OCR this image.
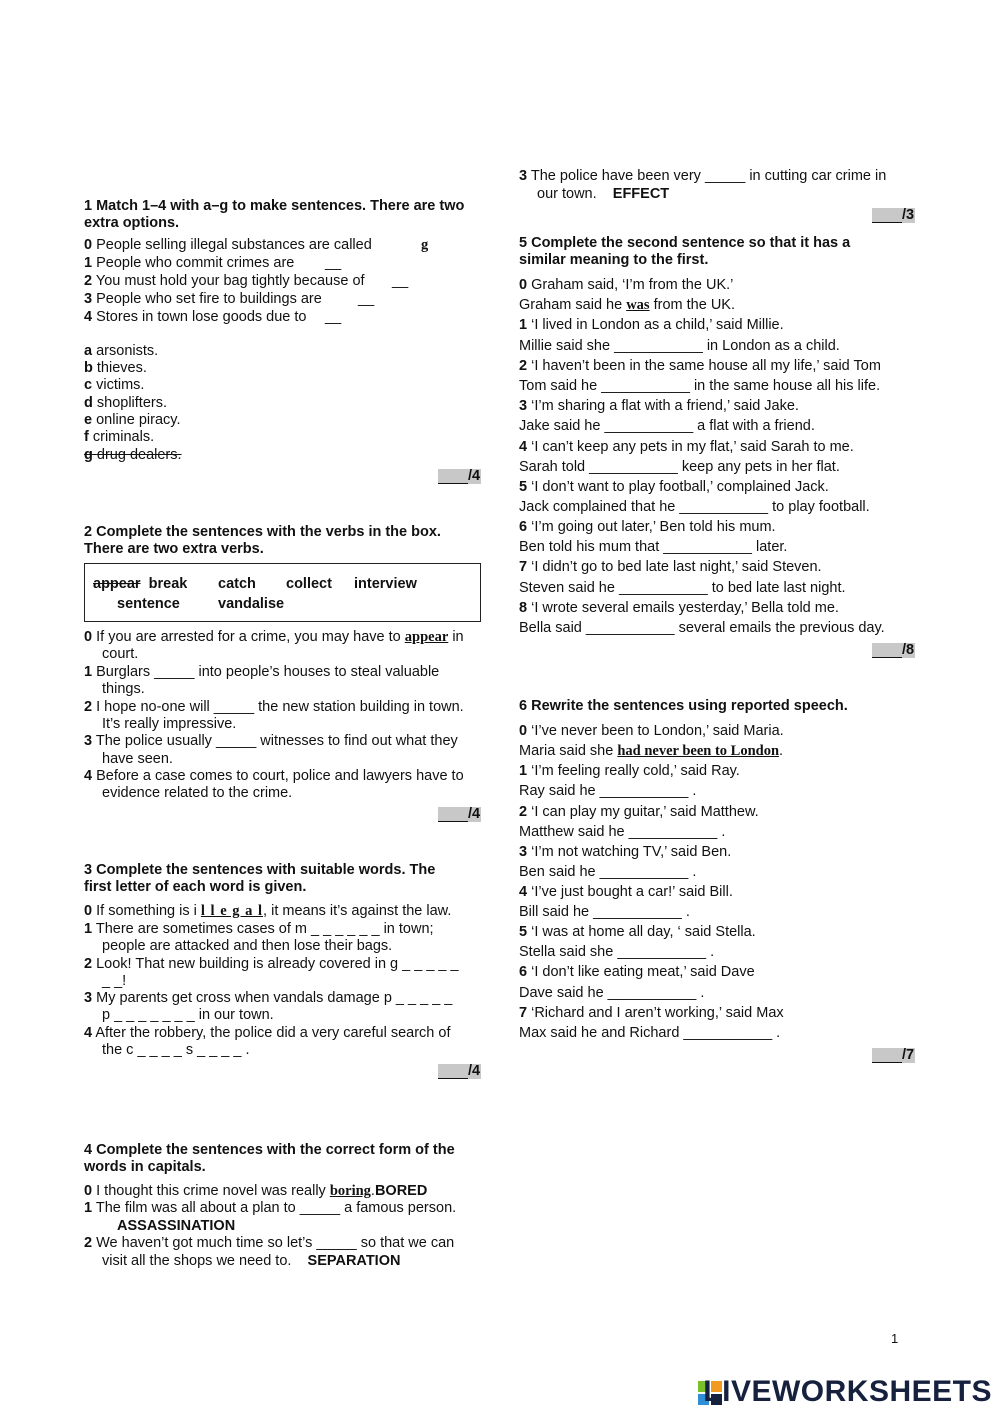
1 Match 1–4 with a–g to make sentences. There are two
extra options.
0 People selling illegal substances are called	g
1 People who commit crimes are __
2 You must hold your bag tightly because of __
3 People who set fire to buildings are __
4 Stores in town lose goods due to __
a arsonists.
b thieves.
c victims.
d shoplifters.
e online piracy.
f criminals.
g drug dealers.
/4
2 Complete the sentences with the verbs in the box.
There are two extra verbs.
appear break catch collect interview
sentence	vandalise
0 If you are arrested for a crime, you may have to appear in
court.
1 Burglars _____ into people’s houses to steal valuable
things.
2 I hope no-one will _____ the new station building in town.
It’s really impressive.
3 The police usually _____ witnesses to find out what they
have seen.
4 Before a case comes to court, police and lawyers have to
evidence related to the crime.
/4
3 Complete the sentences with suitable words. The
first letter of each word is given.
0 If something is i l l e g a l, it means it’s against the law.
1 There are sometimes cases of m _ _ _ _ _ _ in town;
people are attacked and then lose their bags.
2 Look! That new building is already covered in g _ _ _ _ _
_ _!
3 My parents get cross when vandals damage p _ _ _ _ _
p _ _ _ _ _ _ _ in our town.
4 After the robbery, the police did a very careful search of
the c _ _ _ _ s _ _ _ _ .
/4
4 Complete the sentences with the correct form of the
words in capitals.
0 I thought this crime novel was really boring.BORED
1 The film was all about a plan to _____ a famous person.
ASSASSINATION
2 We haven’t got much time so let’s _____ so that we can
visit all the shops we need to. SEPARATION
3 The police have been very _____ in cutting car crime in
our town. EFFECT
/3
5 Complete the second sentence so that it has a
similar meaning to the first.
0 Graham said, ‘I’m from the UK.’
Graham said he was from the UK.
1 ‘I lived in London as a child,’ said Millie.
Millie said she ___________ in London as a child.
2 ‘I haven’t been in the same house all my life,’ said Tom
Tom said he ___________ in the same house all his life.
3 ‘I’m sharing a flat with a friend,’ said Jake.
Jake said he ___________ a flat with a friend.
4 ‘I can’t keep any pets in my flat,’ said Sarah to me.
Sarah told ___________ keep any pets in her flat.
5 ‘I don’t want to play football,’ complained Jack.
Jack complained that he ___________ to play football.
6 ‘I’m going out later,’ Ben told his mum.
Ben told his mum that ___________ later.
7 ‘I didn’t go to bed late last night,’ said Steven.
Steven said he ___________ to bed late last night.
8 ‘I wrote several emails yesterday,’ Bella told me.
Bella said ___________ several emails the previous day.
/8
6 Rewrite the sentences using reported speech.
0 ‘I’ve never been to London,’ said Maria.
Maria said she had never been to London.
1 ‘I’m feeling really cold,’ said Ray.
Ray said he ___________ .
2 ‘I can play my guitar,’ said Matthew.
Matthew said he ___________ .
3 ‘I’m not watching TV,’ said Ben.
Ben said he ___________ .
4 ‘I’ve just bought a car!’ said Bill.
Bill said he ___________ .
5 ‘I was at home all day, ‘ said Stella.
Stella said she ___________ .
6 ‘I don’t like eating meat,’ said Dave
Dave said he ___________ .
7 ‘Richard and I aren’t working,’ said Max
Max said he and Richard ___________ .
/7
1
LIVEWORKSHEETS
